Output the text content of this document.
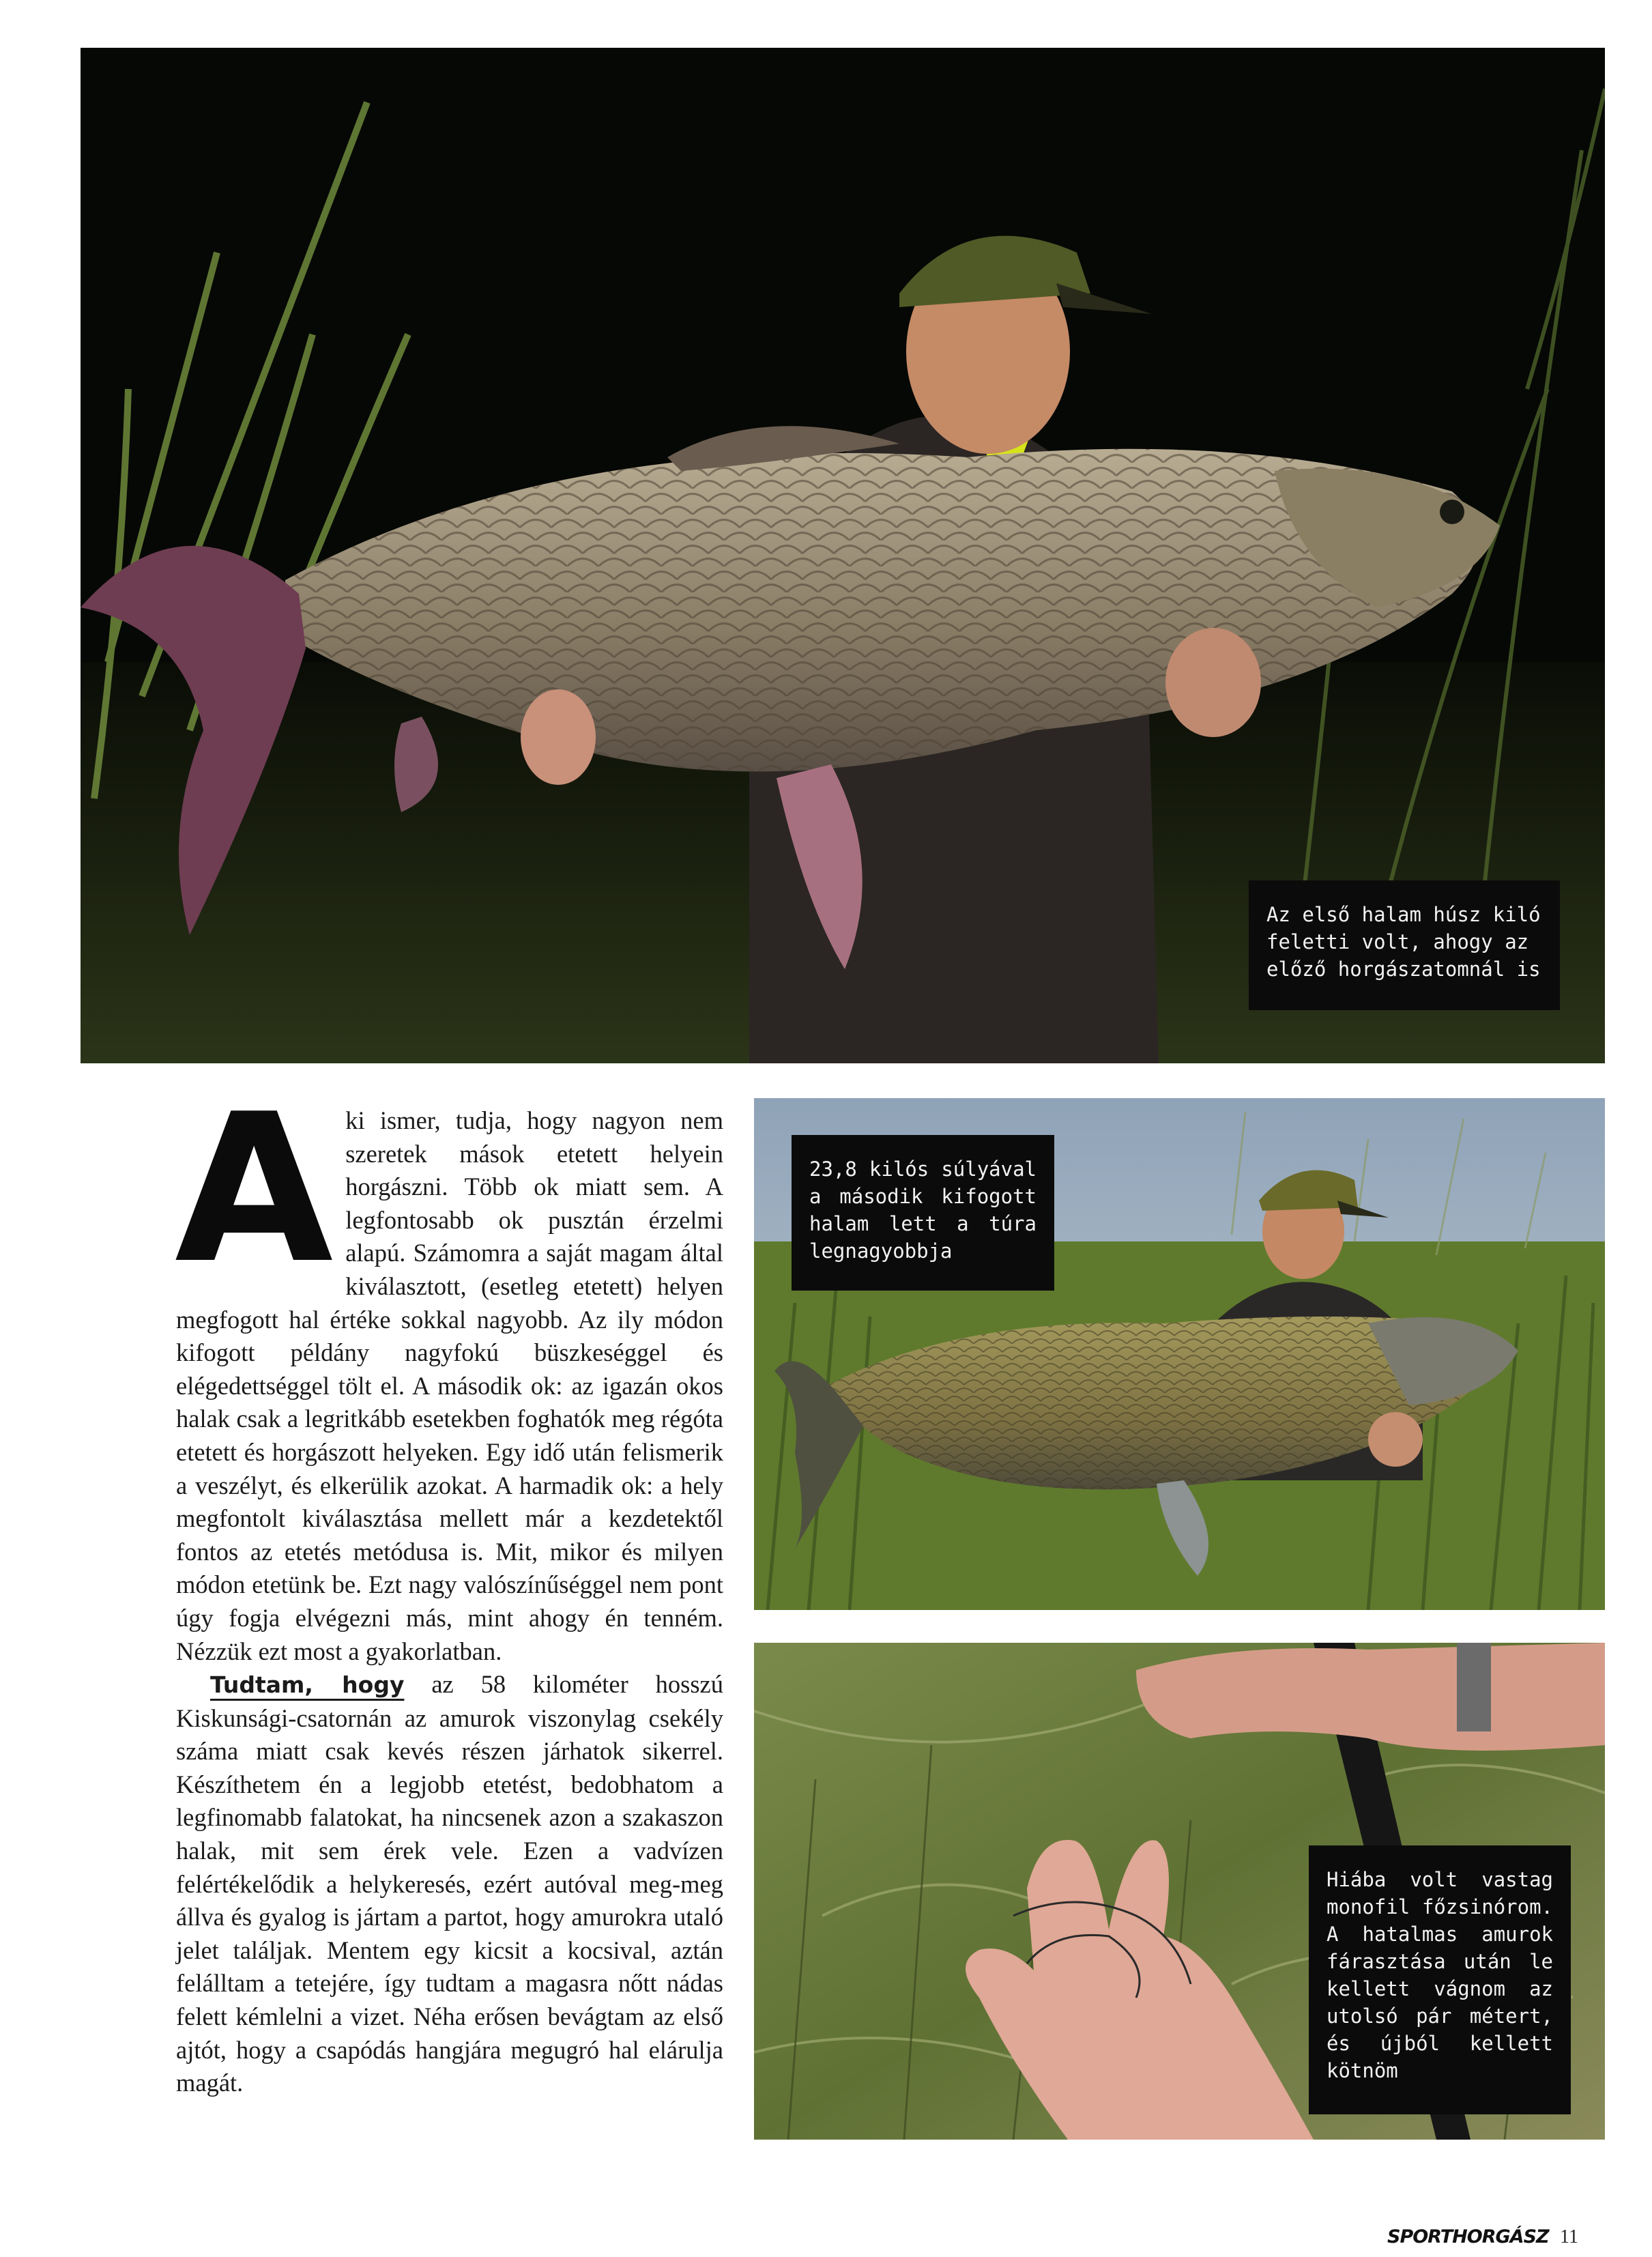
Az első halam húsz kiló feletti volt, ahogy az előző horgászatomnál is
23,8 kilós súlyával a második kifogott halam lett a túra legnagyobbja
Hiába volt vastag monofil főzsinórom. A hatalmas amurok fárasztása után le kellett vágnom az utolsó pár métert, és újból kellett kötnöm

Aki ismer, tudja, hogy nagyon nem szeretek mások etetett helyein horgászni. Több ok miatt sem. A legfontosabb ok pusztán érzelmi alapú. Számomra a saját magam által kiválasztott, (esetleg etetett) helyen megfogott hal értéke sokkal nagyobb. Az ily módon kifogott példány nagyfokú büszkeséggel és elégedettséggel tölt el. A második ok: az igazán okos halak csak a legritkább esetekben foghatók meg régóta etetett és horgászott helyeken. Egy idő után felismerik a veszélyt, és elkerülik azokat. A harmadik ok: a hely megfontolt kiválasztása mellett már a kezdetektől fontos az etetés metódusa is. Mit, mikor és milyen módon etetünk be. Ezt nagy valószínűséggel nem pont úgy fogja elvégezni más, mint ahogy én tenném. Nézzük ezt most a gyakorlatban.

Tudtam, hogy az 58 kilométer hosszú Kiskunsági-csatornán az amurok viszonylag csekély száma miatt csak kevés részen járhatok sikerrel. Készíthetem én a legjobb etetést, bedobhatom a legfinomabb falatokat, ha nincsenek azon a szakaszon halak, mit sem érek vele. Ezen a vadvízen felértékelődik a helykeresés, ezért autóval meg-meg állva és gyalog is jártam a partot, hogy amurokra utaló jelet találjak. Mentem egy kicsit a kocsival, aztán felálltam a tetejére, így tudtam a magasra nőtt nádas felett kémlelni a vizet. Néha erősen bevágtam az első ajtót, hogy a csapódás hangjára megugró hal elárulja magát.

SPORTHORGÁSZ 11
